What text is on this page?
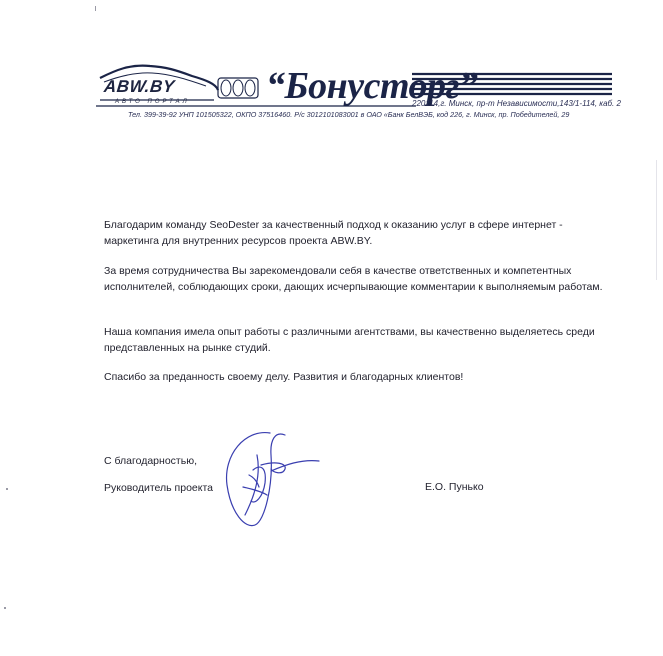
ABW.BY
АВТО ПОРТАЛ “Бонусторг”
220114,г. Минск, пр-т Независимости,143/1-114, каб. 2
Тел. 399-39-92 УНП 101505322, ОКПО 37516460. Р/с 3012101083001 в ОАО «Банк БелВЭБ, код 226, г. Минск, пр. Победителей, 29

Благодарим команду SeoDester за качественный подход к оказанию услуг в сфере интернет - маркетинга для внутренних ресурсов проекта ABW.BY.

За время сотрудничества Вы зарекомендовали себя в качестве ответственных и компетентных исполнителей, соблюдающих сроки, дающих исчерпывающие комментарии к выполняемым работам.

Наша компания имела опыт работы с различными агентствами, вы качественно выделяетесь среди представленных на рынке студий.

Спасибо за преданность своему делу. Развития и благодарных клиентов!

С благодарностью,
Руководитель проекта	Е.О. Пунько
